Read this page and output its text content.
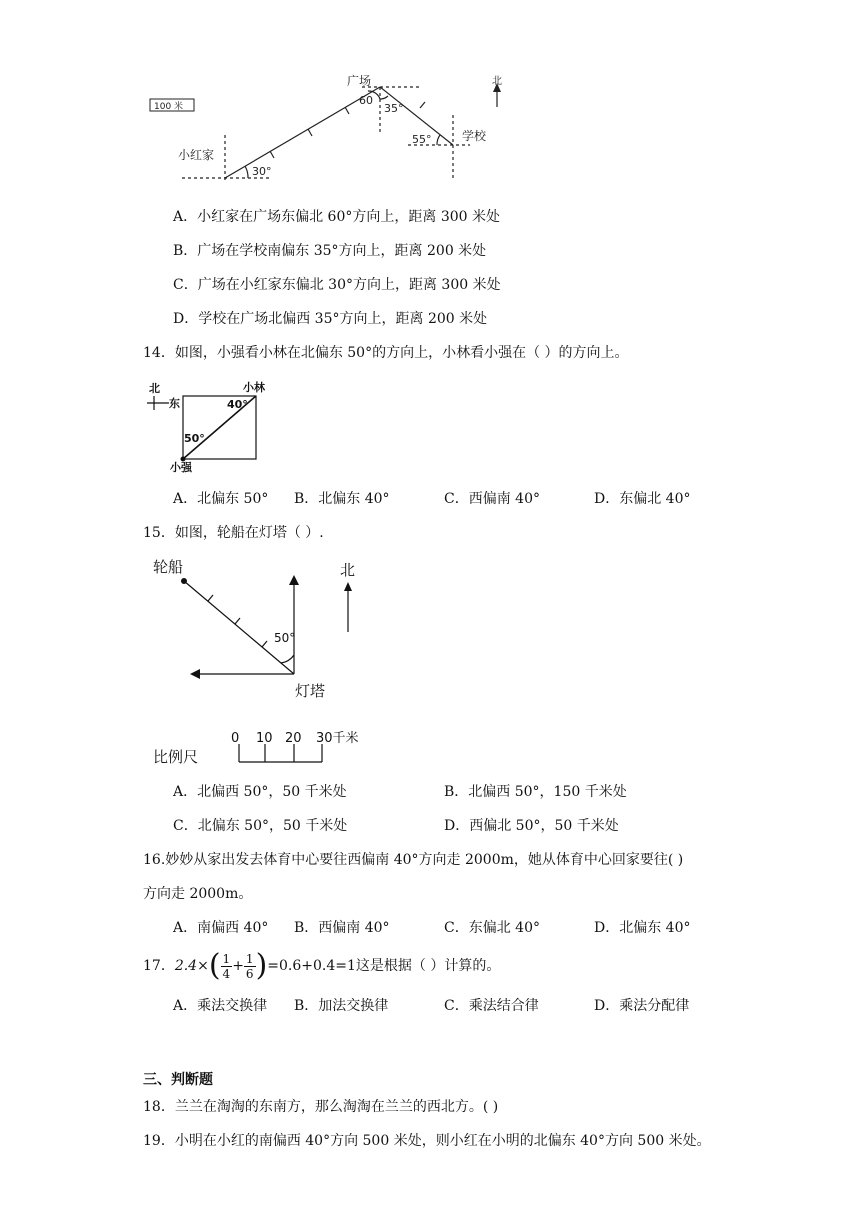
100 米
广场
小红家
学校
北
30°
60
35°
55°
A．小红家在广场东偏北 60°方向上，距离 300 米处
B．广场在学校南偏东 35°方向上，距离 200 米处
C．广场在小红家东偏北 30°方向上，距离 300 米处
D．学校在广场北偏西 35°方向上，距离 200 米处
14．如图，小强看小林在北偏东 50°的方向上，小林看小强在（ ）的方向上。
北
东
小林
小强
40°
50°
A．北偏东 50° B．北偏东 40°	C．西偏南 40°	D．东偏北 40°
15．如图，轮船在灯塔（ ）.
轮船	北
灯塔
50°
比例尺
0 10 20 30千米
A．北偏西 50°，50 千米处	B．北偏西 50°，150 千米处
C．北偏东 50°，50 千米处	D．西偏北 50°，50 千米处
16.妙妙从家出发去体育中心要往西偏南 40°方向走 2000m，她从体育中心回家要往( )
方向走 2000m。
A．南偏西 40° B．西偏南 40°	C．东偏北 40°	D．北偏东 40°
17．$2.4\times( \frac{1}{4} + \frac{1}{6} )=0.6+0.4=1$这是根据（ ）计算的。
A．乘法交换律 B．加法交换律	C．乘法结合律	D．乘法分配律
三、判断题
18．兰兰在淘淘的东南方，那么淘淘在兰兰的西北方。( )
19．小明在小红的南偏西 40°方向 500 米处，则小红在小明的北偏东 40°方向 500 米处。
